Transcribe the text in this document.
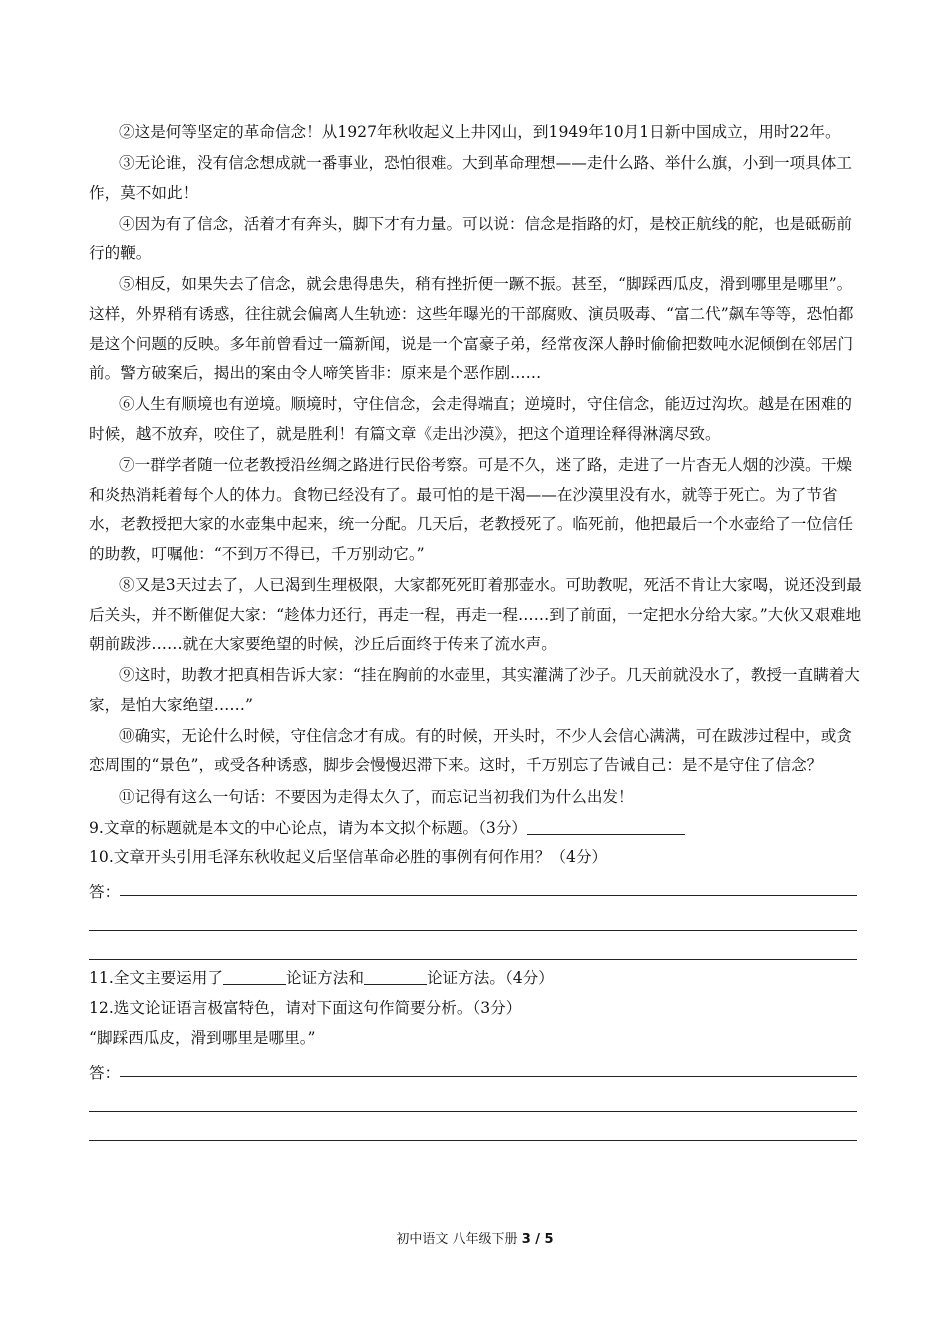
②这是何等坚定的革命信念！从1927年秋收起义上井冈山，到1949年10月1日新中国成立，用时22年。

③无论谁，没有信念想成就一番事业，恐怕很难。大到革命理想——走什么路、举什么旗，小到一项具体工作，莫不如此！

④因为有了信念，活着才有奔头，脚下才有力量。可以说：信念是指路的灯，是校正航线的舵，也是砥砺前行的鞭。

⑤相反，如果失去了信念，就会患得患失，稍有挫折便一蹶不振。甚至，“脚踩西瓜皮，滑到哪里是哪里”。这样，外界稍有诱惑，往往就会偏离人生轨迹：这些年曝光的干部腐败、演员吸毒、“富二代”飙车等等，恐怕都是这个问题的反映。多年前曾看过一篇新闻，说是一个富豪子弟，经常夜深人静时偷偷把数吨水泥倾倒在邻居门前。警方破案后，揭出的案由令人啼笑皆非：原来是个恶作剧……

⑥人生有顺境也有逆境。顺境时，守住信念，会走得端直；逆境时，守住信念，能迈过沟坎。越是在困难的时候，越不放弃，咬住了，就是胜利！有篇文章《走出沙漠》，把这个道理诠释得淋漓尽致。

⑦一群学者随一位老教授沿丝绸之路进行民俗考察。可是不久，迷了路，走进了一片杳无人烟的沙漠。干燥和炎热消耗着每个人的体力。食物已经没有了。最可怕的是干渴——在沙漠里没有水，就等于死亡。为了节省水，老教授把大家的水壶集中起来，统一分配。几天后，老教授死了。临死前，他把最后一个水壶给了一位信任的助教，叮嘱他：“不到万不得已，千万别动它。”

⑧又是3天过去了，人已渴到生理极限，大家都死死盯着那壶水。可助教呢，死活不肯让大家喝，说还没到最后关头，并不断催促大家：“趁体力还行，再走一程，再走一程……到了前面，一定把水分给大家。”大伙又艰难地朝前跋涉……就在大家要绝望的时候，沙丘后面终于传来了流水声。

⑨这时，助教才把真相告诉大家：“挂在胸前的水壶里，其实灌满了沙子。几天前就没水了，教授一直瞒着大家，是怕大家绝望……”

⑩确实，无论什么时候，守住信念才有成。有的时候，开头时，不少人会信心满满，可在跋涉过程中，或贪恋周围的“景色”，或受各种诱惑，脚步会慢慢迟滞下来。这时，千万别忘了告诫自己：是不是守住了信念？

⑪记得有这么一句话：不要因为走得太久了，而忘记当初我们为什么出发！

9.文章的标题就是本文的中心论点，请为本文拟个标题。（3分）

10.文章开头引用毛泽东秋收起义后坚信革命必胜的事例有何作用？（4分）

答：

11.全文主要运用了	论证方法和	论证方法。（4分）

12.选文论证语言极富特色，请对下面这句作简要分析。（3分）

“脚踩西瓜皮，滑到哪里是哪里。”

答：
初中语文 八年级下册 3 / 5
